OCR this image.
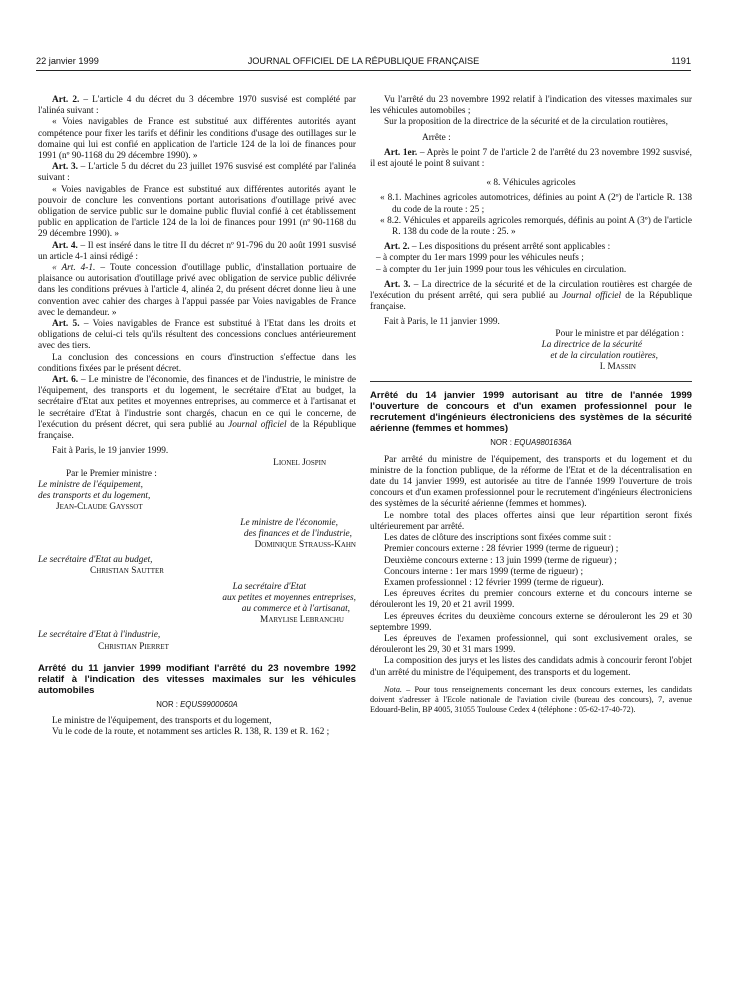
22 janvier 1999	JOURNAL OFFICIEL DE LA RÉPUBLIQUE FRANÇAISE	1191

Art. 2. – L'article 4 du décret du 3 décembre 1970 susvisé est complété par l'alinéa suivant :

« Voies navigables de France est substitué aux différentes autorités ayant compétence pour fixer les tarifs et définir les conditions d'usage des outillages sur le domaine qui lui est confié en application de l'article 124 de la loi de finances pour 1991 (nº 90-1168 du 29 décembre 1990). »

Art. 3. – L'article 5 du décret du 23 juillet 1976 susvisé est complété par l'alinéa suivant :

« Voies navigables de France est substitué aux différentes autorités ayant le pouvoir de conclure les conventions portant autorisations d'outillage privé avec obligation de service public sur le domaine public fluvial confié à cet établissement public en application de l'article 124 de la loi de finances pour 1991 (nº 90-1168 du 29 décembre 1990). »

Art. 4. – Il est inséré dans le titre II du décret nº 91-796 du 20 août 1991 susvisé un article 4-1 ainsi rédigé :

« Art. 4-1. – Toute concession d'outillage public, d'installation portuaire de plaisance ou autorisation d'outillage privé avec obligation de service public délivrée dans les conditions prévues à l'article 4, alinéa 2, du présent décret donne lieu à une convention avec cahier des charges à l'appui passée par Voies navigables de France avec le demandeur. »

Art. 5. – Voies navigables de France est substitué à l'Etat dans les droits et obligations de celui-ci tels qu'ils résultent des concessions conclues antérieurement avec des tiers.

La conclusion des concessions en cours d'instruction s'effectue dans les conditions fixées par le présent décret.

Art. 6. – Le ministre de l'économie, des finances et de l'industrie, le ministre de l'équipement, des transports et du logement, le secrétaire d'Etat au budget, la secrétaire d'Etat aux petites et moyennes entreprises, au commerce et à l'artisanat et le secrétaire d'Etat à l'industrie sont chargés, chacun en ce qui le concerne, de l'exécution du présent décret, qui sera publié au Journal officiel de la République française.

Fait à Paris, le 19 janvier 1999.

Lionel Jospin

Par le Premier ministre :

Le ministre de l'équipement,

des transports et du logement,

Jean-Claude Gayssot

Le ministre de l'économie,

des finances et de l'industrie,

Dominique Strauss-Kahn

Le secrétaire d'Etat au budget,

Christian Sautter

La secrétaire d'Etat

aux petites et moyennes entreprises,

au commerce et à l'artisanat,

Marylise Lebranchu

Le secrétaire d'Etat à l'industrie,

Christian Pierret

Arrêté du 11 janvier 1999 modifiant l'arrêté du 23 novembre 1992 relatif à l'indication des vitesses maximales sur les véhicules automobiles

NOR : EQUS9900060A

Le ministre de l'équipement, des transports et du logement,

Vu le code de la route, et notamment ses articles R. 138, R. 139 et R. 162 ;

Vu l'arrêté du 23 novembre 1992 relatif à l'indication des vitesses maximales sur les véhicules automobiles ;

Sur la proposition de la directrice de la sécurité et de la circulation routières,

Arrête :

Art. 1er. – Après le point 7 de l'article 2 de l'arrêté du 23 novembre 1992 susvisé, il est ajouté le point 8 suivant :

« 8. Véhicules agricoles

« 8.1. Machines agricoles automotrices, définies au point A (2º) de l'article R. 138 du code de la route : 25 ;

« 8.2. Véhicules et appareils agricoles remorqués, définis au point A (3º) de l'article R. 138 du code de la route : 25. »

Art. 2. – Les dispositions du présent arrêté sont applicables :

– à compter du 1er mars 1999 pour les véhicules neufs ;
– à compter du 1er juin 1999 pour tous les véhicules en circulation.

Art. 3. – La directrice de la sécurité et de la circulation routières est chargée de l'exécution du présent arrêté, qui sera publié au Journal officiel de la République française.

Fait à Paris, le 11 janvier 1999.

Pour le ministre et par délégation :

La directrice de la sécurité

et de la circulation routières,

I. Massin

Arrêté du 14 janvier 1999 autorisant au titre de l'année 1999 l'ouverture de concours et d'un examen professionnel pour le recrutement d'ingénieurs électroniciens des systèmes de la sécurité aérienne (femmes et hommes)

NOR : EQUA9801636A

Par arrêté du ministre de l'équipement, des transports et du logement et du ministre de la fonction publique, de la réforme de l'Etat et de la décentralisation en date du 14 janvier 1999, est autorisée au titre de l'année 1999 l'ouverture de trois concours et d'un examen professionnel pour le recrutement d'ingénieurs électroniciens des systèmes de la sécurité aérienne (femmes et hommes).

Le nombre total des places offertes ainsi que leur répartition seront fixés ultérieurement par arrêté.

Les dates de clôture des inscriptions sont fixées comme suit :

Premier concours externe : 28 février 1999 (terme de rigueur) ;

Deuxième concours externe : 13 juin 1999 (terme de rigueur) ;

Concours interne : 1er mars 1999 (terme de rigueur) ;

Examen professionnel : 12 février 1999 (terme de rigueur).

Les épreuves écrites du premier concours externe et du concours interne se dérouleront les 19, 20 et 21 avril 1999.

Les épreuves écrites du deuxième concours externe se dérouleront les 29 et 30 septembre 1999.

Les épreuves de l'examen professionnel, qui sont exclusivement orales, se dérouleront les 29, 30 et 31 mars 1999.

La composition des jurys et les listes des candidats admis à concourir feront l'objet d'un arrêté du ministre de l'équipement, des transports et du logement.

Nota. – Pour tous renseignements concernant les deux concours externes, les candidats doivent s'adresser à l'Ecole nationale de l'aviation civile (bureau des concours), 7, avenue Edouard-Belin, BP 4005, 31055 Toulouse Cedex 4 (téléphone : 05-62-17-40-72).
